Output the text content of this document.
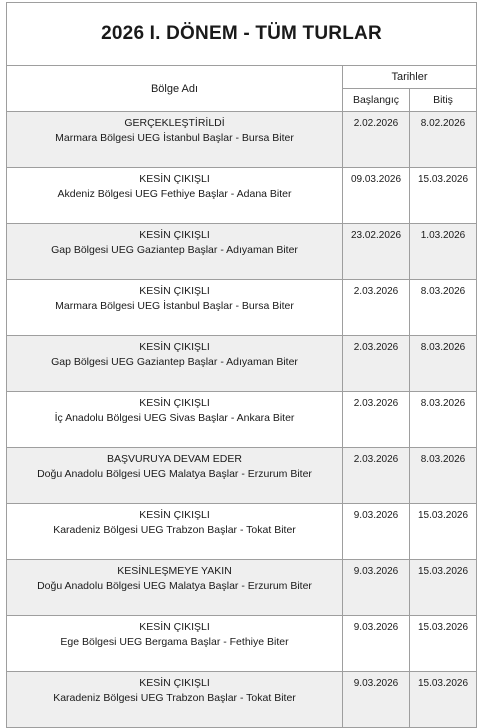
2026 I. DÖNEM - TÜM TURLAR		
Bölge Adı	Tarihler	
	Başlangıç	Bitiş

GERÇEKLEŞTİRİLDİ
Marmara Bölgesi UEG İstanbul Başlar - Bursa Biter	2.02.2026	8.02.2026

KESİN ÇIKIŞLI
Akdeniz Bölgesi UEG Fethiye Başlar - Adana Biter	09.03.2026	15.03.2026

KESİN ÇIKIŞLI
Gap Bölgesi UEG Gaziantep Başlar - Adıyaman Biter	23.02.2026	1.03.2026

KESİN ÇIKIŞLI
Marmara Bölgesi UEG İstanbul Başlar - Bursa Biter	2.03.2026	8.03.2026

KESİN ÇIKIŞLI
Gap Bölgesi UEG Gaziantep Başlar - Adıyaman Biter	2.03.2026	8.03.2026

KESİN ÇIKIŞLI
İç Anadolu Bölgesi UEG Sivas Başlar - Ankara Biter	2.03.2026	8.03.2026

BAŞVURUYA DEVAM EDER
Doğu Anadolu Bölgesi UEG Malatya Başlar - Erzurum Biter	2.03.2026	8.03.2026

KESİN ÇIKIŞLI
Karadeniz Bölgesi UEG Trabzon Başlar - Tokat Biter	9.03.2026	15.03.2026

KESİNLEŞMEYE YAKIN
Doğu Anadolu Bölgesi UEG Malatya Başlar - Erzurum Biter	9.03.2026	15.03.2026

KESİN ÇIKIŞLI
Ege Bölgesi UEG Bergama Başlar - Fethiye Biter	9.03.2026	15.03.2026

KESİN ÇIKIŞLI
Karadeniz Bölgesi UEG Trabzon Başlar - Tokat Biter	9.03.2026	15.03.2026
